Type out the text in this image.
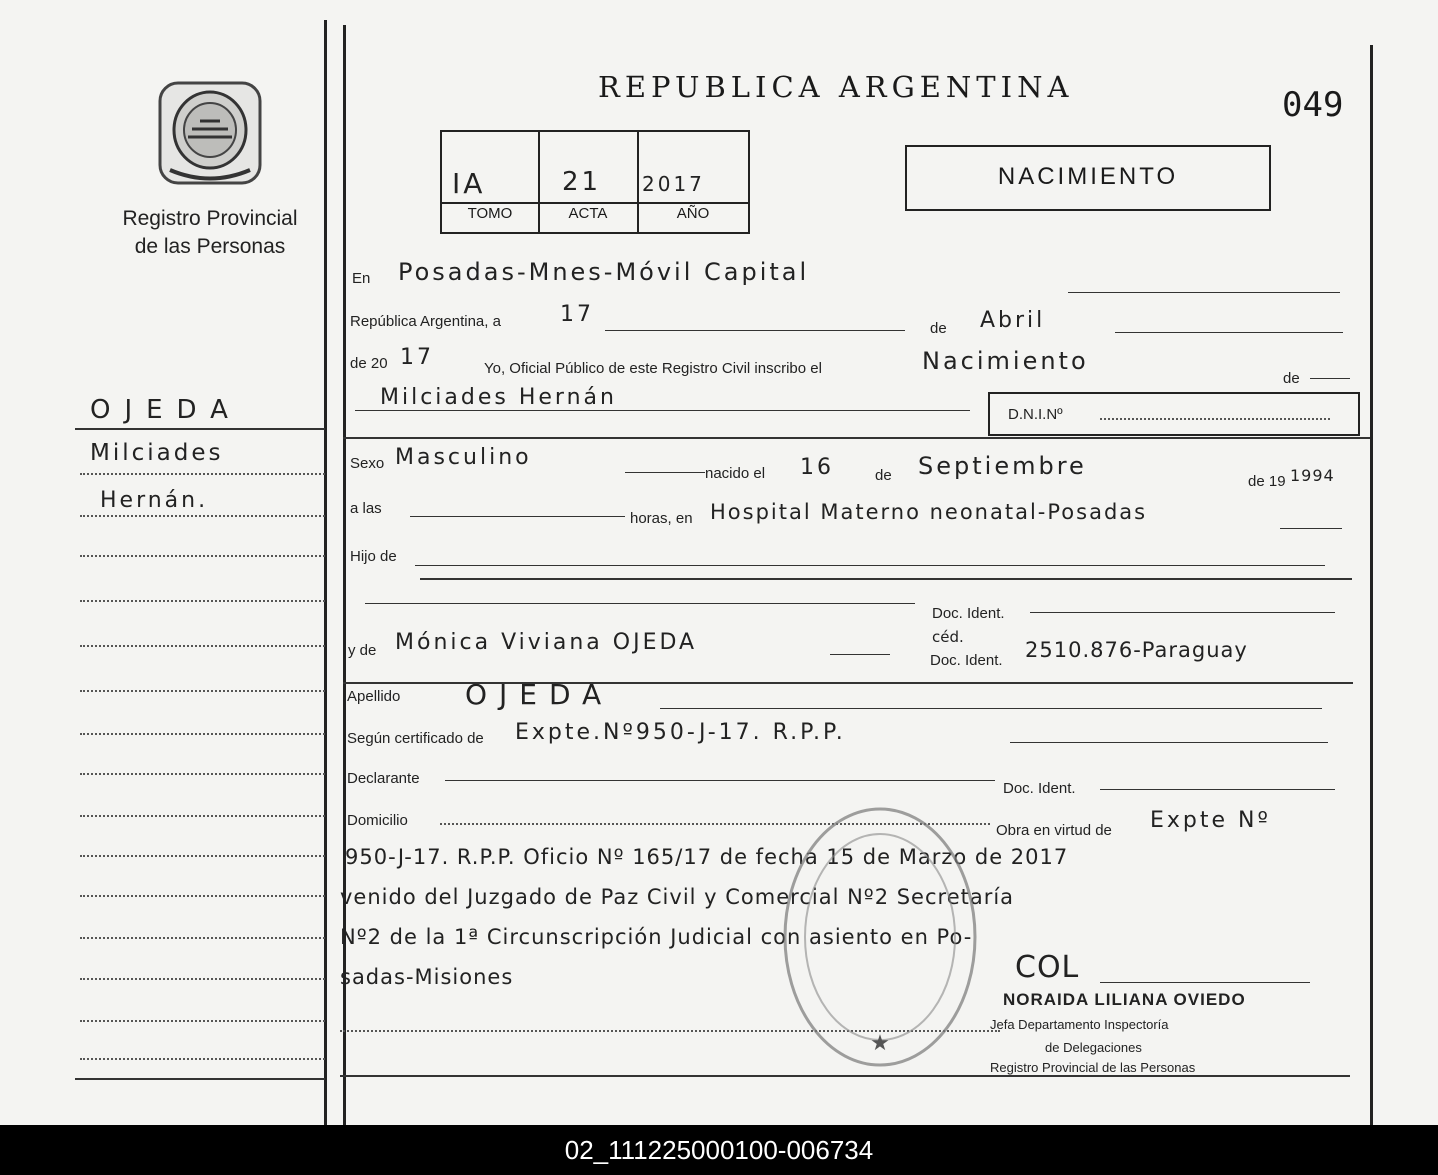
Registro Provincial
de las Personas
REPUBLICA ARGENTINA	049
IA	21 2017
TOMO	ACTA	AÑO
NACIMIENTO
OJEDA
Milciades
Hernán.
En Posadas-Mnes-Móvil Capital
República Argentina, a	17
de Abril
de 20 17	Yo, Oficial Público de este Registro Civil inscribo el	Nacimiento
de
Milciades Hernán
D.N.I.Nº
Sexo Masculino
nacido el 16	de Septiembre
de 19 1994
a las
horas, en Hospital Materno neonatal-Posadas
Hijo de
Doc. Ident.
y de Mónica Viviana OJEDA	céd.
Doc. Ident. 2510.876-Paraguay
Apellido OJEDA
Según certificado de Expte.Nº950-J-17. R.P.P.
Declarante
Doc. Ident.
Domicilio
Obra en virtud de Expte Nº
950-J-17. R.P.P. Oficio Nº 165/17 de fecha 15 de Marzo de 2017
venido del Juzgado de Paz Civil y Comercial Nº2 Secretaría
Nº2 de la 1ª Circunscripción Judicial con asiento en Po-
sadas-Misiones
★
COL
NORAIDA LILIANA OVIEDO
Jefa Departamento Inspectoría
de Delegaciones
Registro Provincial de las Personas
02_111225000100-006734
